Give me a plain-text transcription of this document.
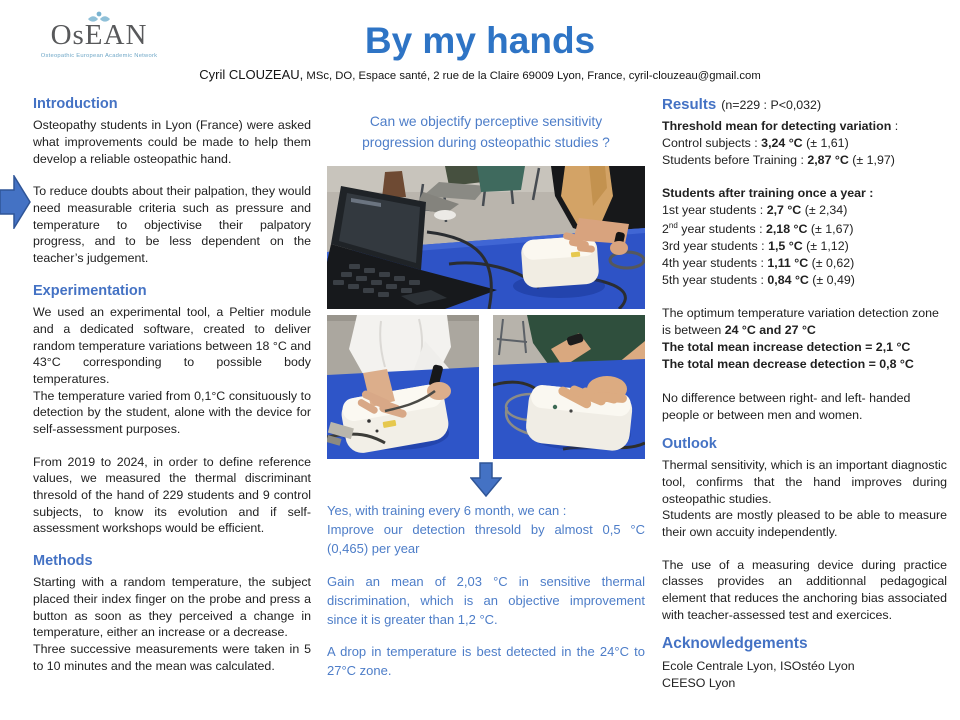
OsEAN
Osteopathic European Academic Network	By my hands
Cyril CLOUZEAU, MSc, DO, Espace santé, 2 rue de la Claire 69009 Lyon, France, cyril-clouzeau@gmail.com
Introduction

Osteopathy students in Lyon (France) were asked what improvements could be made to help them develop a reliable osteopathic hand.

To reduce doubts about their palpation, they would need measurable criteria such as pressure and temperature to objectivise their palpatory progress, and to be less dependent on the teacher’s judgement.

Experimentation

We used an experimental tool, a Peltier module and a dedicated software, created to deliver random temperature variations between 18 °C and 43°C corresponding to possible body temperatures.

The temperature varied from 0,1°C consituously to detection by the student, alone with the device for self-assessment purposes.

From 2019 to 2024, in order to define reference values, we measured the thermal discriminant thresold of the hand of 229 students and 9 control subjects, to know its evolution and if self-assessment workshops would be efficient.

Methods

Starting with a random temperature, the subject placed their index finger on the probe and press a button as soon as they perceived a change in temperature, either an increase or a decrease.

Three successive measurements were taken in 5 to 10 minutes and the mean was calculated.

Can we objectify perceptive sensitivity
progression during osteopathic studies ?

Yes, with training every 6 month, we can :

Improve our detection thresold by almost 0,5 °C (0,465) per year

Gain an mean of 2,03 °C in sensitive thermal discrimination, which is an objective improvement since it is greater than 1,2 °C.

A drop in temperature is best detected in the 24°C to 27°C zone.

Results (n=229 : P<0,032)

Threshold mean for detecting variation :

Control subjects : 3,24 °C (± 1,61)

Students before Training : 2,87 °C (± 1,97)

Students after training once a year :

1st year students : 2,7 °C (± 2,34)

2nd year students : 2,18 °C (± 1,67)

3rd year students : 1,5 °C (± 1,12)

4th year students : 1,11 °C (± 0,62)

5th year students : 0,84 °C (± 0,49)

The optimum temperature variation detection zone is between 24 °C and 27 °C

The total mean increase detection = 2,1 °C

The total mean decrease detection = 0,8 °C

No difference between right- and left- handed people or between men and women.

Outlook

Thermal sensitivity, which is an important diagnostic tool, confirms that the hand improves during osteopathic studies.

Students are mostly pleased to be able to measure their own accuity independently.

The use of a measuring device during practice classes provides an additionnal pedagogical element that reduces the anchoring bias associated with teacher-assessed test and exercices.

Acknowledgements

Ecole Centrale Lyon, ISOstéo Lyon

CEESO Lyon
